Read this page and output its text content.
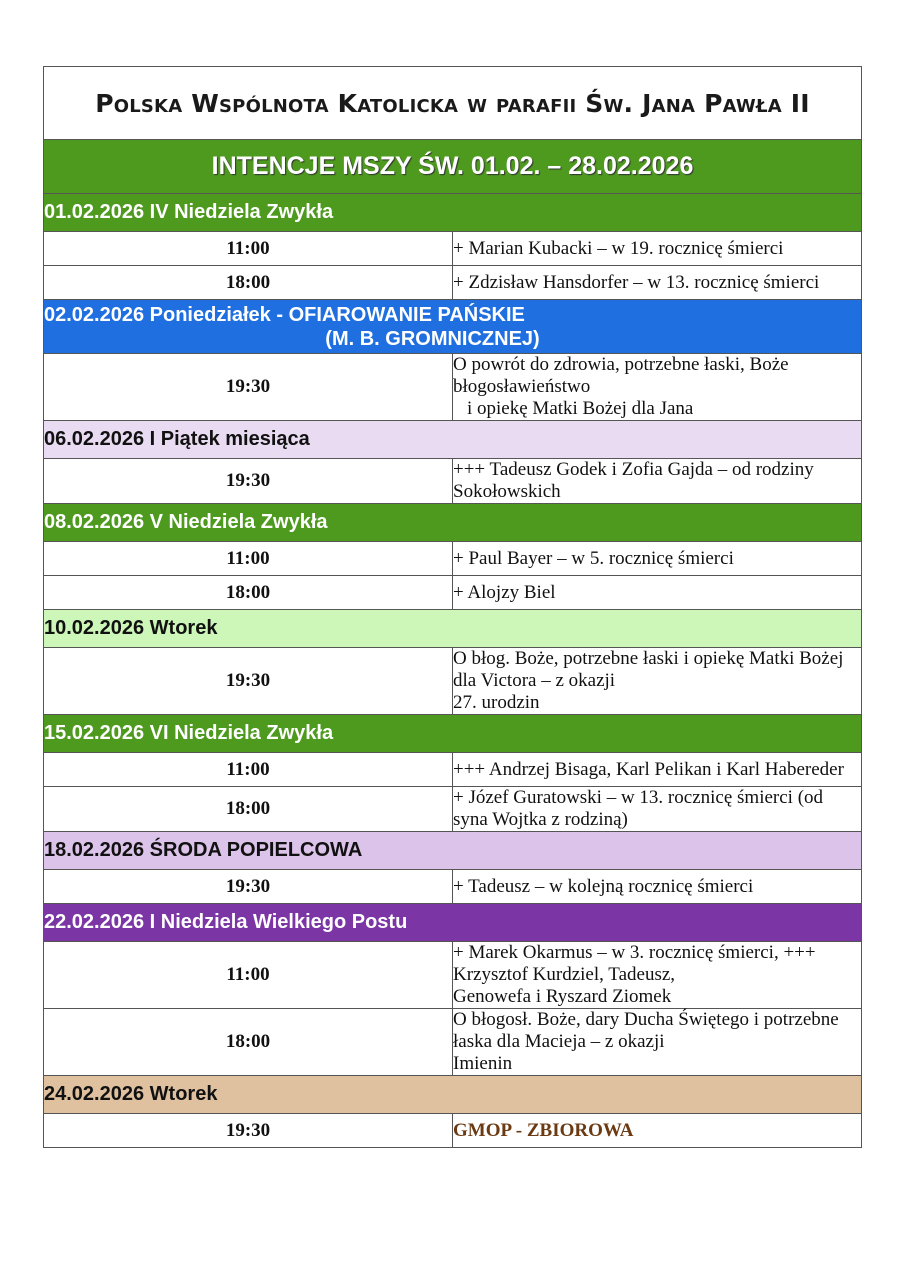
Polska Wspólnota Katolicka w parafii Św. Jana Pawła II	
INTENCJE MSZY ŚW. 01.02. – 28.02.2026	

01.02.2026 IV Niedziela Zwykła	

11:00	+ Marian Kubacki – w 19. rocznicę śmierci

18:00	+ Zdzisław Hansdorfer – w 13. rocznicę śmierci

02.02.2026 Poniedziałek - OFIAROWANIE PAŃSKIE
(M. B. GROMNICZNEJ)	

19:30	O powrót do zdrowia, potrzebne łaski, Boże błogosławieństwo
i opiekę Matki Bożej dla Jana

06.02.2026 I Piątek miesiąca	

19:30	+++ Tadeusz Godek i Zofia Gajda – od rodziny Sokołowskich

08.02.2026 V Niedziela Zwykła	

11:00	+ Paul Bayer – w 5. rocznicę śmierci

18:00	+ Alojzy Biel

10.02.2026 Wtorek	

19:30	O błog. Boże, potrzebne łaski i opiekę Matki Bożej dla Victora – z okazji
27. urodzin

15.02.2026 VI Niedziela Zwykła	

11:00	+++ Andrzej Bisaga, Karl Pelikan i Karl Habereder

18:00	+ Józef Guratowski – w 13. rocznicę śmierci (od syna Wojtka z rodziną)

18.02.2026 ŚRODA POPIELCOWA	

19:30	+ Tadeusz – w kolejną rocznicę śmierci

22.02.2026 I Niedziela Wielkiego Postu	

11:00	+ Marek Okarmus – w 3. rocznicę śmierci, +++ Krzysztof Kurdziel, Tadeusz,
Genowefa i Ryszard Ziomek

18:00	O błogosł. Boże, dary Ducha Świętego i potrzebne łaska dla Macieja – z okazji
Imienin

24.02.2026 Wtorek	

19:30	GMOP - ZBIOROWA
